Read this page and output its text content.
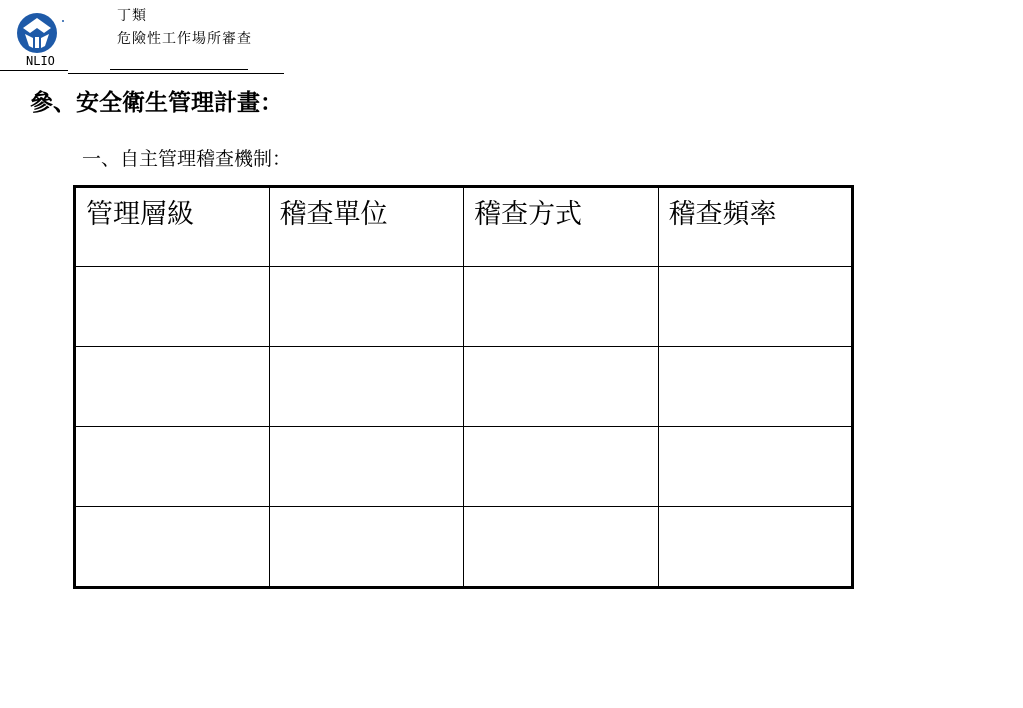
NLIO
丁類
危險性工作場所審查
參、安全衛生管理計畫：
一、自主管理稽查機制：
管理層級	稽查單位	稽查方式	稽查頻率
